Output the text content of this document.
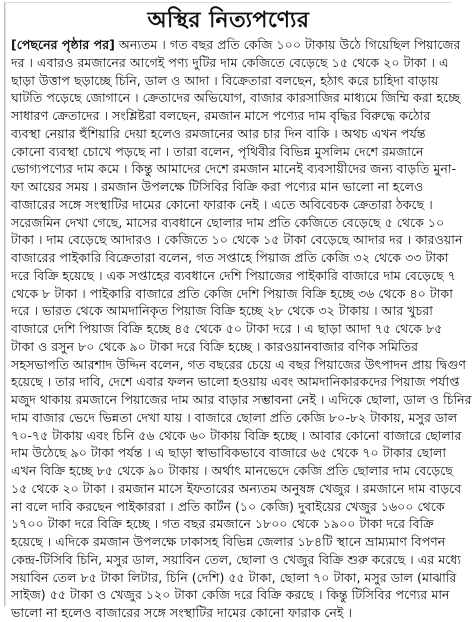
অস্থির নিত্যপণ্যের
[পেছনের পৃষ্ঠার পর] অন্যতম । গত বছর প্রতি কেজি ১০০ টাকায় উঠে গিয়েছিল পিয়াজের
দর । এবারও রমজানের আগেই পণ্য দুটির দাম কেজিতে বেড়েছে ১৫ থেকে ২০ টাকা । এ
ছাড়া উত্তাপ ছড়াচ্ছে চিনি, ডাল ও আদা । বিক্রেতারা বলছেন, হঠাৎ করে চাহিদা বাড়ায়
ঘাটতি পড়েছে জোগানে । ক্রেতাদের অভিযোগ, বাজার কারসাজির মাধ্যমে জিম্মি করা হচ্ছে
সাধারণ ক্রেতাদের । সংশ্লিষ্টরা বলছেন, রমজান মাসে পণ্যের দাম বৃদ্ধির বিরুদ্ধে কঠোর
ব্যবস্থা নেয়ার হুঁশিয়ারি দেয়া হলেও রমজানের আর চার দিন বাকি । অথচ এখন পর্যন্ত
কোনো ব্যবস্থা চোখে পড়ছে না । তারা বলেন, পৃথিবীর বিভিন্ন মুসলিম দেশে রমজানে
ভোগ্যপণ্যের দাম কমে । কিন্তু আমাদের দেশে রমজান মানেই ব্যবসায়ীদের জন্য বাড়তি মুনা-
ফা আয়ের সময় । রমজান উপলক্ষে টিসিবির বিক্রি করা পণ্যের মান ভালো না হলেও
বাজারের সঙ্গে সংস্থাটির দামের কোনো ফারাক নেই । এতে অবিবেচক ক্রেতারা ঠকছে ।
সরেজমিন দেখা গেছে, মাসের ব্যবধানে ছোলার দাম প্রতি কেজিতে বেড়েছে ৫ থেকে ১০
টাকা । দাম বেড়েছে আদারও । কেজিতে ১০ থেকে ১৫ টাকা বেড়েছে আদার দর । কারওয়ান
বাজারের পাইকারি বিক্রেতারা বলেন, গত সপ্তাহে পিয়াজ প্রতি কেজি ৩২ থেকে ৩৩ টাকা
দরে বিক্রি হয়েছে । এক সপ্তাহের ব্যবধানে দেশি পিয়াজের পাইকারি বাজারে দাম বেড়েছে ৭
থেকে ৮ টাকা । পাইকারি বাজারে প্রতি কেজি দেশি পিয়াজ বিক্রি হচ্ছে ৩৬ থেকে ৪০ টাকা
দরে । ভারত থেকে আমদানিকৃত পিয়াজ বিক্রি হচ্ছে ২৮ থেকে ৩২ টাকায় । আর খুচরা
বাজারে দেশি পিয়াজ বিক্রি হচ্ছে ৪৫ থেকে ৫০ টাকা দরে । এ ছাড়া আদা ৭৫ থেকে ৮৫
টাকা ও রসুন ৮০ থেকে ৯০ টাকা দরে বিক্রি হচ্ছে । কারওয়ানবাজার বণিক সমিতির
সহসভাপতি আরশাদ উদ্দিন বলেন, গত বছরের চেয়ে এ বছর পিয়াজের উৎপাদন প্রায় দ্বিগুণ
হয়েছে । তার দাবি, দেশে এবার ফলন ভালো হওয়ায় এবং আমদানিকারকদের পিয়াজ পর্যাপ্ত
মজুদ থাকায় রমজানে পিয়াজের দাম আর বাড়ার সম্ভাবনা নেই । এদিকে ছোলা, ডাল ও চিনির
দাম বাজার ভেদে ভিন্নতা দেখা যায় । বাজারে ছোলা প্রতি কেজি ৮০-৮২ টাকায়, মসুর ডাল
৭০-৭৫ টাকায় এবং চিনি ৫৬ থেকে ৬০ টাকায় বিক্রি হচ্ছে । আবার কোনো বাজারে ছোলার
দাম উঠেছে ৯০ টাকা পর্যন্ত । এ ছাড়া স্বাভাবিকভাবে বাজারে ৬৫ থেকে ৭০ টাকার ছোলা
এখন বিক্রি হচ্ছে ৮৫ থেকে ৯০ টাকায় । অর্থাৎ মানভেদে কেজি প্রতি ছোলার দাম বেড়েছে
১৫ থেকে ২০ টাকা । রমজান মাসে ইফতারের অন্যতম অনুষঙ্গ খেজুর । রমজানে দাম বাড়বে
না বলে দাবি করছেন পাইকাররা । প্রতি কার্টন (১০ কেজি) দুবাইয়ের খেজুর ১৬০০ থেকে
১৭০০ টাকা দরে বিক্রি হচ্ছে । গত বছর রমজানে ১৮০০ থেকে ১৯০০ টাকা দরে বিক্রি
হয়েছে । এদিকে রমজান উপলক্ষে ঢাকাসহ বিভিন্ন জেলার ১৮৪টি স্থানে ভ্রাম্যমাণ বিপণন
কেন্দ্র-টিসিবি চিনি, মসুর ডাল, সয়াবিন তেল, ছোলা ও খেজুর বিক্রি শুরু করেছে । এর মধ্যে
সয়াবিন তেল ৮৫ টাকা লিটার, চিনি (দেশি) ৫৫ টাকা, ছোলা ৭০ টাকা, মসুর ডাল (মাঝারি
সাইজ) ৫৫ টাকা ও খেজুর ১২০ টাকা কেজি দরে বিক্রি করছে । কিন্তু টিসিবির পণ্যের মান
ভালো না হলেও বাজারের সঙ্গে সংস্থাটির দামের কোনো ফারাক নেই ।
